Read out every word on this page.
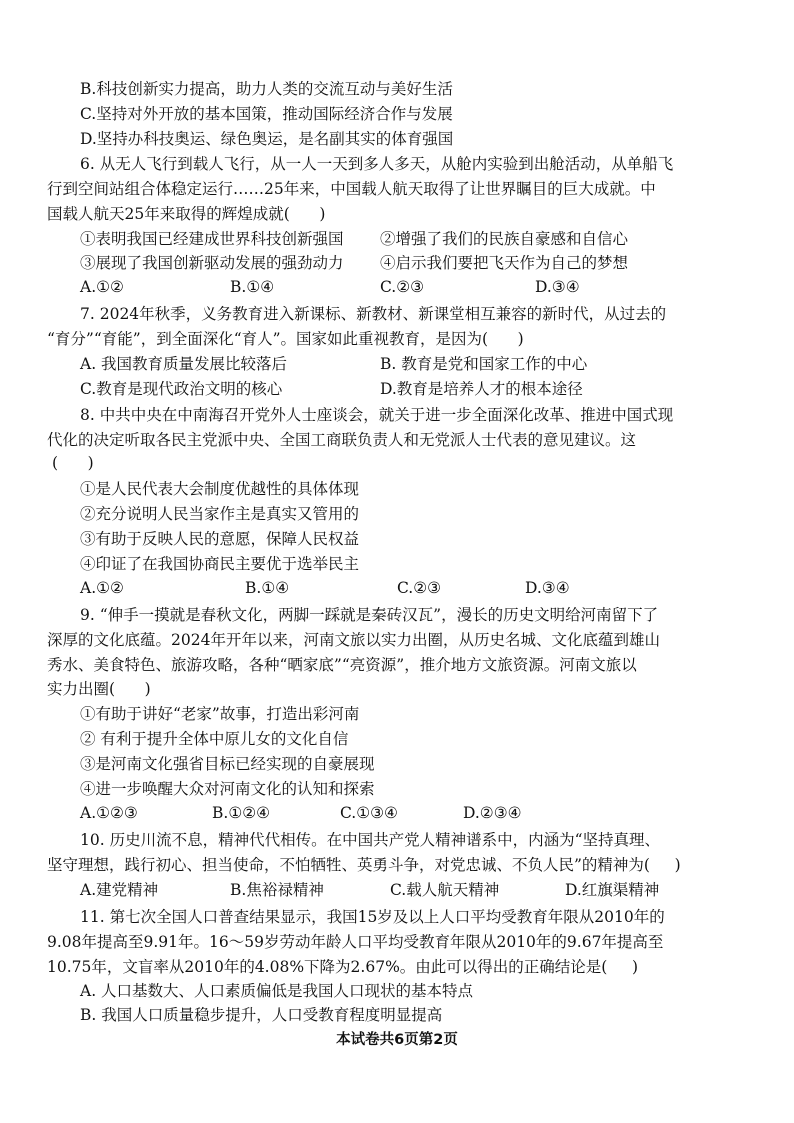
B.科技创新实力提高，助力人类的交流互动与美好生活
C.坚持对外开放的基本国策，推动国际经济合作与发展
D.坚持办科技奥运、绿色奥运，是名副其实的体育强国
6. 从无人飞行到载人飞行，从一人一天到多人多天，从舱内实验到出舱活动，从单船飞
行到空间站组合体稳定运行……25年来，中国载人航天取得了让世界瞩目的巨大成就。中
国载人航天25年来取得的辉煌成就(      )
①表明我国已经建成世界科技创新强国 ②增强了我们的民族自豪感和自信心
③展现了我国创新驱动发展的强劲动力 ④启示我们要把飞天作为自己的梦想
A.①②	B.①④	C.②③	D.③④
7. 2024年秋季，义务教育进入新课标、新教材、新课堂相互兼容的新时代，从过去的
“育分”“育能”，到全面深化“育人”。国家如此重视教育，是因为(      )
A. 我国教育质量发展比较落后	B. 教育是党和国家工作的中心
C.教育是现代政治文明的核心	D.教育是培养人才的根本途径
8. 中共中央在中南海召开党外人士座谈会，就关于进一步全面深化改革、推进中国式现
代化的决定听取各民主党派中央、全国工商联负责人和无党派人士代表的意见建议。这
(      )
①是人民代表大会制度优越性的具体体现
②充分说明人民当家作主是真实又管用的
③有助于反映人民的意愿，保障人民权益
④印证了在我国协商民主要优于选举民主
A.①②	B.①④	C.②③	D.③④
9. “伸手一摸就是春秋文化，两脚一踩就是秦砖汉瓦”，漫长的历史文明给河南留下了
深厚的文化底蕴。2024年开年以来，河南文旅以实力出圈，从历史名城、文化底蕴到雄山
秀水、美食特色、旅游攻略，各种“晒家底”“亮资源”，推介地方文旅资源。河南文旅以
实力出圈(      )
①有助于讲好“老家”故事，打造出彩河南
② 有利于提升全体中原儿女的文化自信
③是河南文化强省目标已经实现的自豪展现
④进一步唤醒大众对河南文化的认知和探索
A.①②③	B.①②④	C.①③④	D.②③④
10. 历史川流不息，精神代代相传。在中国共产党人精神谱系中，内涵为“坚持真理、
坚守理想，践行初心、担当使命，不怕牺牲、英勇斗争，对党忠诚、不负人民”的精神为(     )
A.建党精神	B.焦裕禄精神	C.载人航天精神	D.红旗渠精神
11. 第七次全国人口普查结果显示，我国15岁及以上人口平均受教育年限从2010年的
9.08年提高至9.91年。16～59岁劳动年龄人口平均受教育年限从2010年的9.67年提高至
10.75年，文盲率从2010年的4.08%下降为2.67%。由此可以得出的正确结论是(     )
A. 人口基数大、人口素质偏低是我国人口现状的基本特点
B. 我国人口质量稳步提升，人口受教育程度明显提高
本试卷共6页第2页
